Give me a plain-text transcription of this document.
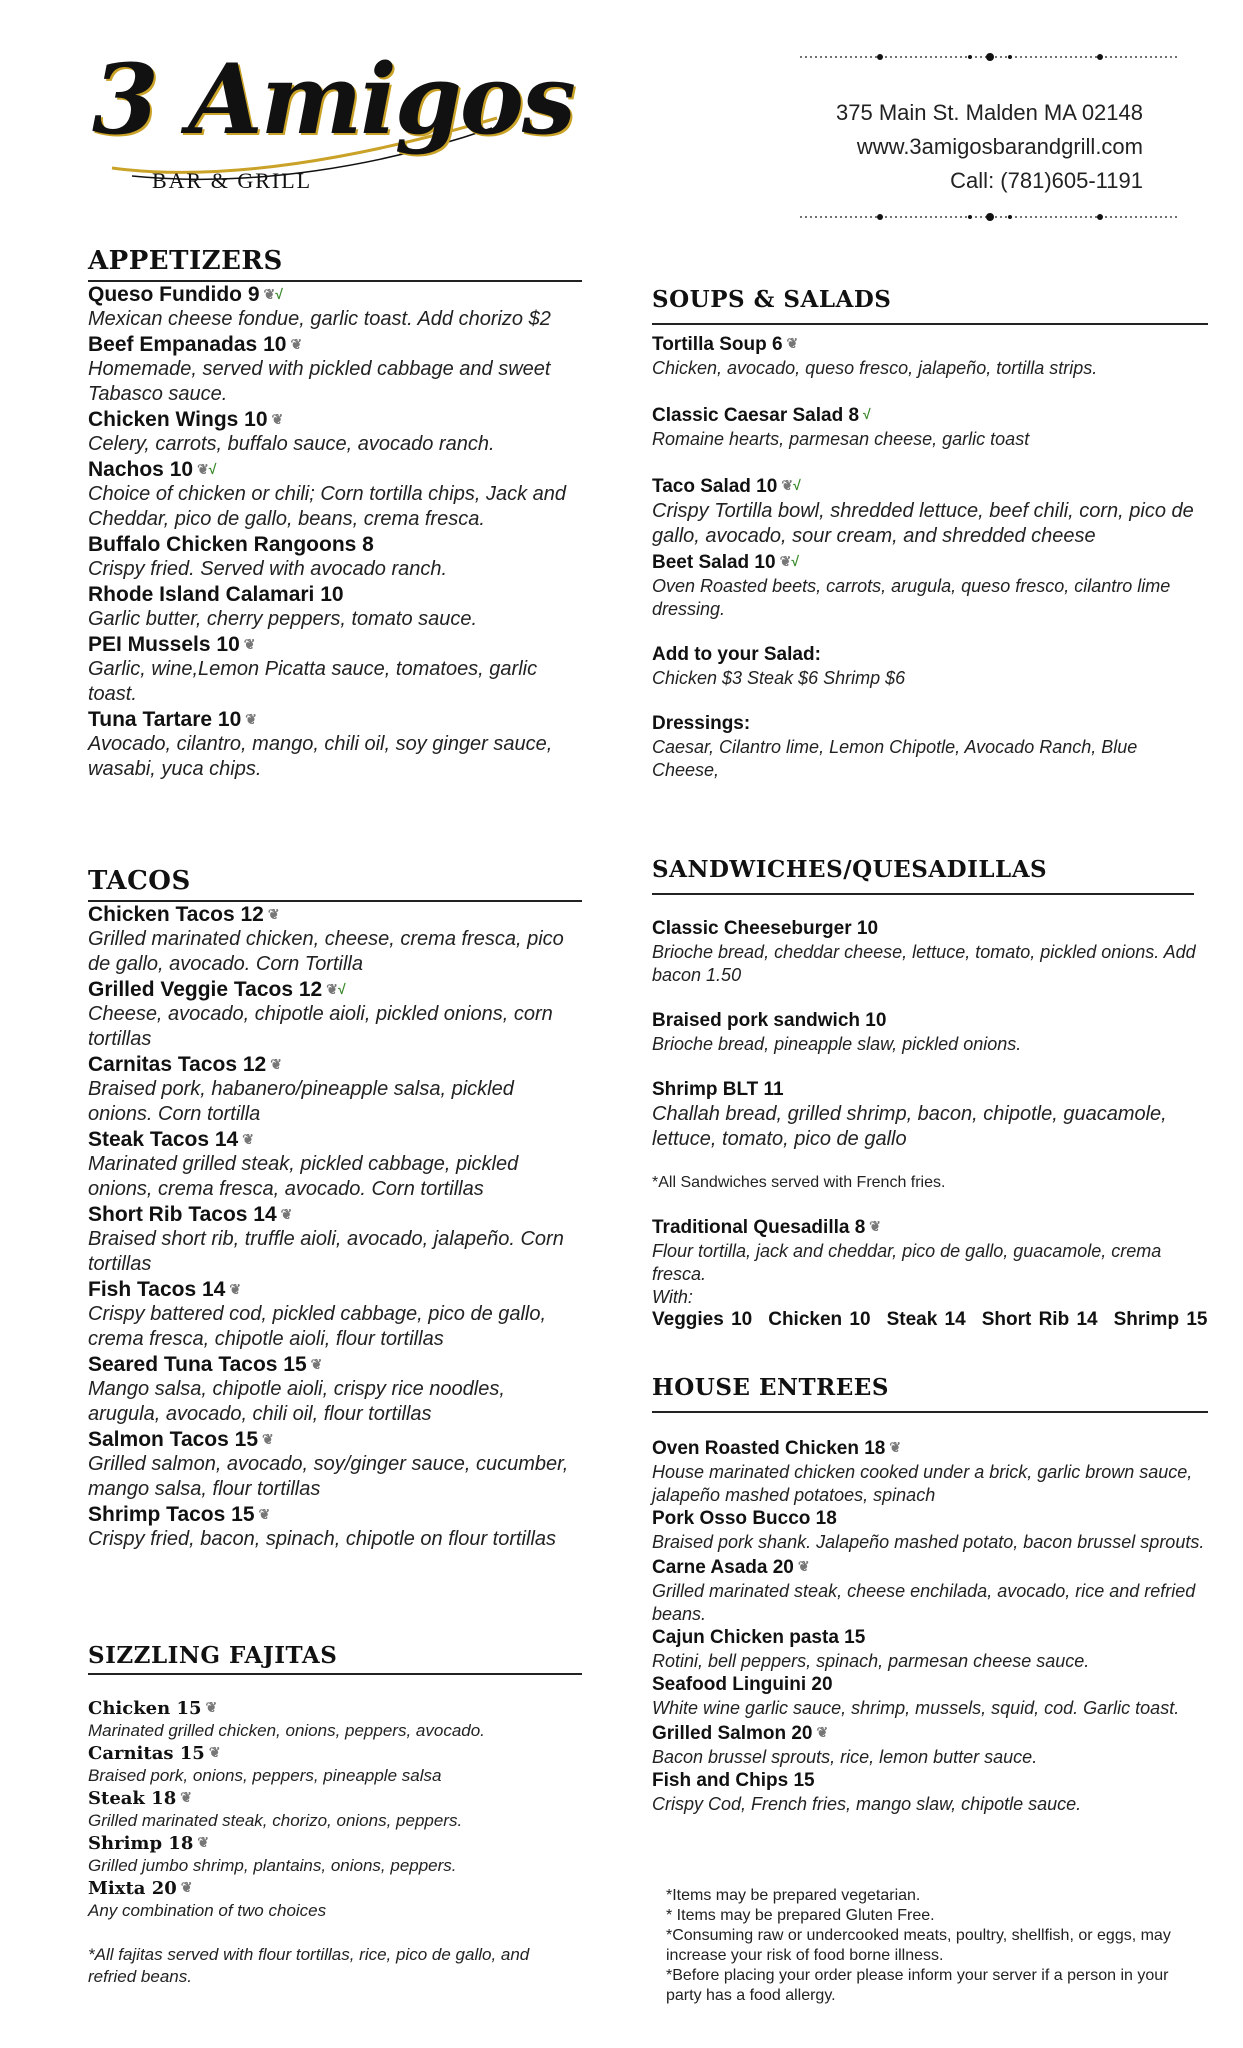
3 Amigos
BAR & GRILL
375 Main St. Malden MA 02148
www.3amigosbarandgrill.com
Call: (781)605-1191
APPETIZERS
Queso Fundido 9 ❦√
Mexican cheese fondue, garlic toast. Add chorizo $2
Beef Empanadas 10 ❦
Homemade, served with pickled cabbage and sweet Tabasco sauce.
Chicken Wings 10 ❦
Celery, carrots, buffalo sauce, avocado ranch.
Nachos 10 ❦√
Choice of chicken or chili; Corn tortilla chips, Jack and Cheddar, pico de gallo, beans, crema fresca.
Buffalo Chicken Rangoons 8
Crispy fried. Served with avocado ranch.
Rhode Island Calamari 10
Garlic butter, cherry peppers, tomato sauce.
PEI Mussels 10 ❦
Garlic, wine,Lemon Picatta sauce, tomatoes, garlic toast.
Tuna Tartare 10 ❦
Avocado, cilantro, mango, chili oil, soy ginger sauce, wasabi, yuca chips.
TACOS
Chicken Tacos 12 ❦
Grilled marinated chicken, cheese, crema fresca, pico de gallo, avocado. Corn Tortilla
Grilled Veggie Tacos 12 ❦√
Cheese, avocado, chipotle aioli, pickled onions, corn tortillas
Carnitas Tacos 12 ❦
Braised pork, habanero/pineapple salsa, pickled onions. Corn tortilla
Steak Tacos 14 ❦
Marinated grilled steak, pickled cabbage, pickled onions, crema fresca, avocado. Corn tortillas
Short Rib Tacos 14 ❦
Braised short rib, truffle aioli, avocado, jalapeño. Corn tortillas
Fish Tacos 14 ❦
Crispy battered cod, pickled cabbage, pico de gallo, crema fresca, chipotle aioli, flour tortillas
Seared Tuna Tacos 15 ❦
Mango salsa, chipotle aioli, crispy rice noodles, arugula, avocado, chili oil, flour tortillas
Salmon Tacos 15 ❦
Grilled salmon, avocado, soy/ginger sauce, cucumber, mango salsa, flour tortillas
Shrimp Tacos 15 ❦
Crispy fried, bacon, spinach, chipotle on flour tortillas
SIZZLING FAJITAS
Chicken 15 ❦
Marinated grilled chicken, onions, peppers, avocado.
Carnitas 15 ❦
Braised pork, onions, peppers, pineapple salsa
Steak 18 ❦
Grilled marinated steak, chorizo, onions, peppers.
Shrimp 18 ❦
Grilled jumbo shrimp, plantains, onions, peppers.
Mixta 20 ❦
Any combination of two choices
*All fajitas served with flour tortillas, rice, pico de gallo, and refried beans.
SOUPS & SALADS
Tortilla Soup 6 ❦
Chicken, avocado, queso fresco, jalapeño, tortilla strips.
Classic Caesar Salad 8 √
Romaine hearts, parmesan cheese, garlic toast
Taco Salad 10 ❦√
Crispy Tortilla bowl, shredded lettuce, beef chili, corn, pico de gallo, avocado, sour cream, and shredded cheese
Beet Salad 10 ❦√
Oven Roasted beets, carrots, arugula, queso fresco, cilantro lime dressing.
Add to your Salad:
Chicken $3 Steak $6 Shrimp $6
Dressings:
Caesar, Cilantro lime, Lemon Chipotle, Avocado Ranch, Blue Cheese,
SANDWICHES/QUESADILLAS
Classic Cheeseburger 10
Brioche bread, cheddar cheese, lettuce, tomato, pickled onions. Add bacon 1.50
Braised pork sandwich 10
Brioche bread, pineapple slaw, pickled onions.
Shrimp BLT 11
Challah bread, grilled shrimp, bacon, chipotle, guacamole, lettuce, tomato, pico de gallo
*All Sandwiches served with French fries.
Traditional Quesadilla 8 ❦
Flour tortilla, jack and cheddar, pico de gallo, guacamole, crema fresca.
With:
Veggies 10 Chicken 10 Steak 14 Short Rib 14 Shrimp 15
HOUSE ENTREES
Oven Roasted Chicken 18 ❦
House marinated chicken cooked under a brick, garlic brown sauce, jalapeño mashed potatoes, spinach
Pork Osso Bucco 18
Braised pork shank. Jalapeño mashed potato, bacon brussel sprouts.
Carne Asada 20 ❦
Grilled marinated steak, cheese enchilada, avocado, rice and refried beans.
Cajun Chicken pasta 15
Rotini, bell peppers, spinach, parmesan cheese sauce.
Seafood Linguini 20
White wine garlic sauce, shrimp, mussels, squid, cod. Garlic toast.
Grilled Salmon 20 ❦
Bacon brussel sprouts, rice, lemon butter sauce.
Fish and Chips 15
Crispy Cod, French fries, mango slaw, chipotle sauce.
*Items may be prepared vegetarian.
* Items may be prepared Gluten Free.
*Consuming raw or undercooked meats, poultry, shellfish, or eggs, may increase your risk of food borne illness.
*Before placing your order please inform your server if a person in your party has a food allergy.
